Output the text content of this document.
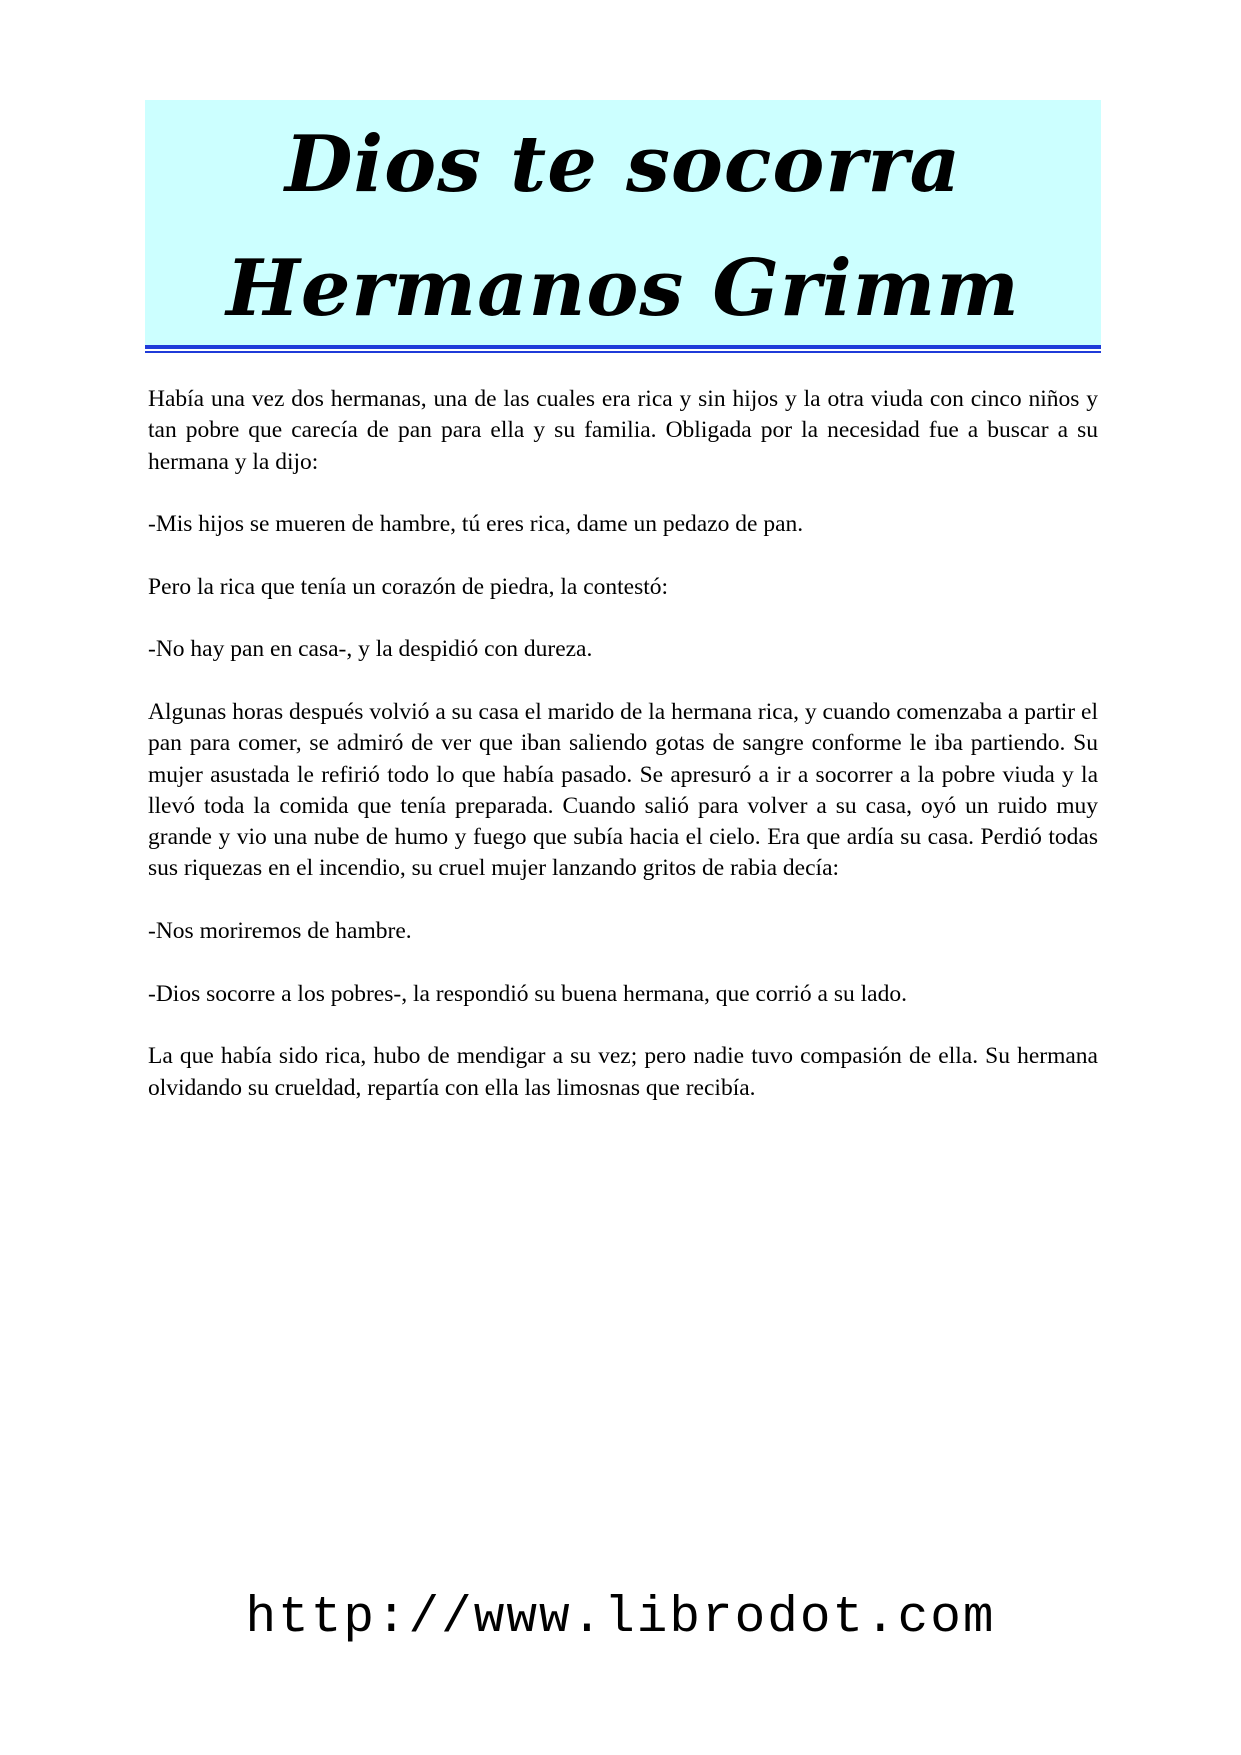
Dios te socorra
Hermanos Grimm

Había una vez dos hermanas, una de las cuales era rica y sin hijos y la otra viuda con cinco niños y tan pobre que carecía de pan para ella y su familia. Obligada por la necesidad fue a buscar a su hermana y la dijo:

-Mis hijos se mueren de hambre, tú eres rica, dame un pedazo de pan.

Pero la rica que tenía un corazón de piedra, la contestó:

-No hay pan en casa-, y la despidió con dureza.

Algunas horas después volvió a su casa el marido de la hermana rica, y cuando comenzaba a partir el pan para comer, se admiró de ver que iban saliendo gotas de sangre conforme le iba partiendo. Su mujer asustada le refirió todo lo que había pasado. Se apresuró a ir a socorrer a la pobre viuda y la llevó toda la comida que tenía preparada. Cuando salió para volver a su casa, oyó un ruido muy grande y vio una nube de humo y fuego que subía hacia el cielo. Era que ardía su casa. Perdió todas sus riquezas en el incendio, su cruel mujer lanzando gritos de rabia decía:

-Nos moriremos de hambre.

-Dios socorre a los pobres-, la respondió su buena hermana, que corrió a su lado.

La que había sido rica, hubo de mendigar a su vez; pero nadie tuvo compasión de ella. Su hermana olvidando su crueldad, repartía con ella las limosnas que recibía.

http://www.librodot.com
